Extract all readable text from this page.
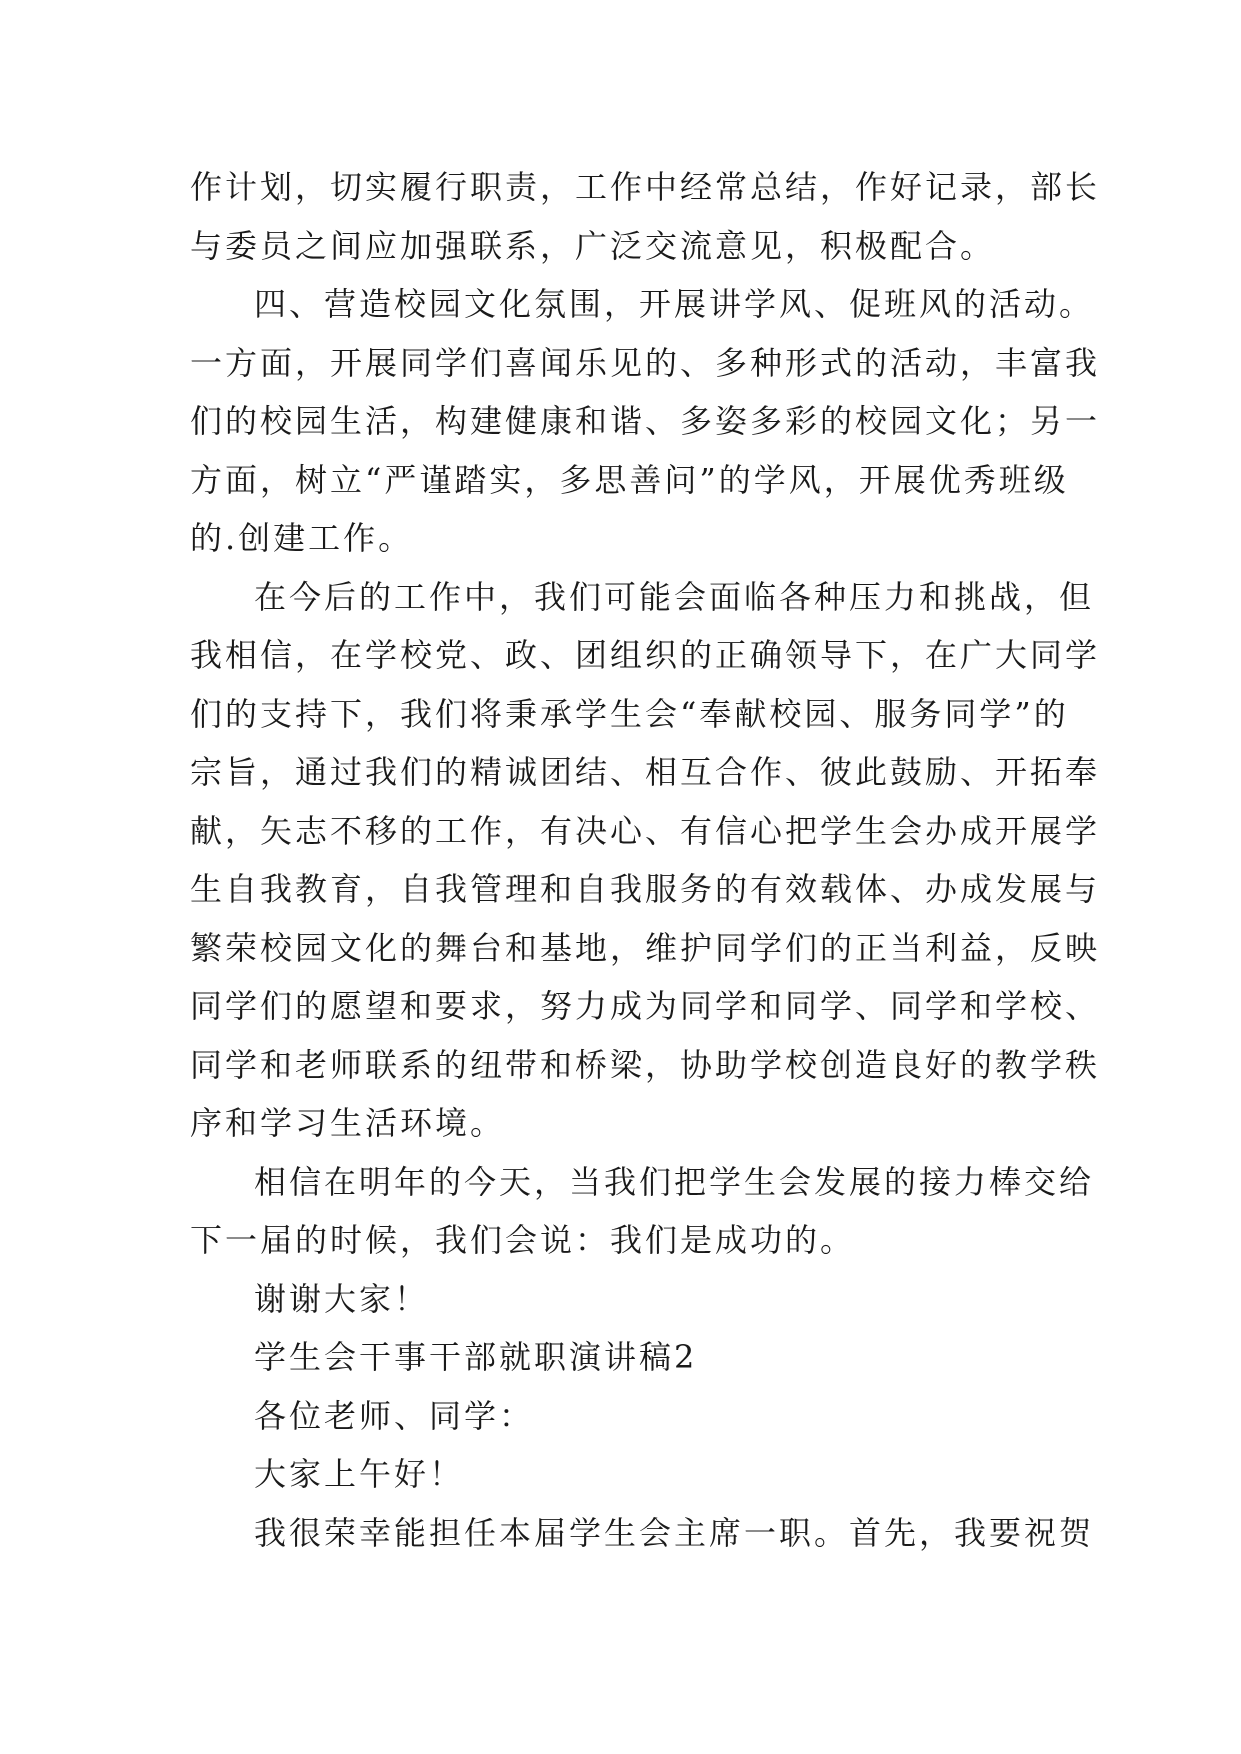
作计划，切实履行职责，工作中经常总结，作好记录，部长
与委员之间应加强联系，广泛交流意见，积极配合。
四、营造校园文化氛围，开展讲学风、促班风的活动。
一方面，开展同学们喜闻乐见的、多种形式的活动，丰富我
们的校园生活，构建健康和谐、多姿多彩的校园文化；另一
方面，树立“严谨踏实，多思善问”的学风，开展优秀班级
的.创建工作。
在今后的工作中，我们可能会面临各种压力和挑战，但
我相信，在学校党、政、团组织的正确领导下，在广大同学
们的支持下，我们将秉承学生会“奉献校园、服务同学”的
宗旨，通过我们的精诚团结、相互合作、彼此鼓励、开拓奉
献，矢志不移的工作，有决心、有信心把学生会办成开展学
生自我教育，自我管理和自我服务的有效载体、办成发展与
繁荣校园文化的舞台和基地，维护同学们的正当利益，反映
同学们的愿望和要求，努力成为同学和同学、同学和学校、
同学和老师联系的纽带和桥梁，协助学校创造良好的教学秩
序和学习生活环境。
相信在明年的今天，当我们把学生会发展的接力棒交给
下一届的时候，我们会说：我们是成功的。
谢谢大家！
学生会干事干部就职演讲稿2
各位老师、同学：
大家上午好！
我很荣幸能担任本届学生会主席一职。首先，我要祝贺
